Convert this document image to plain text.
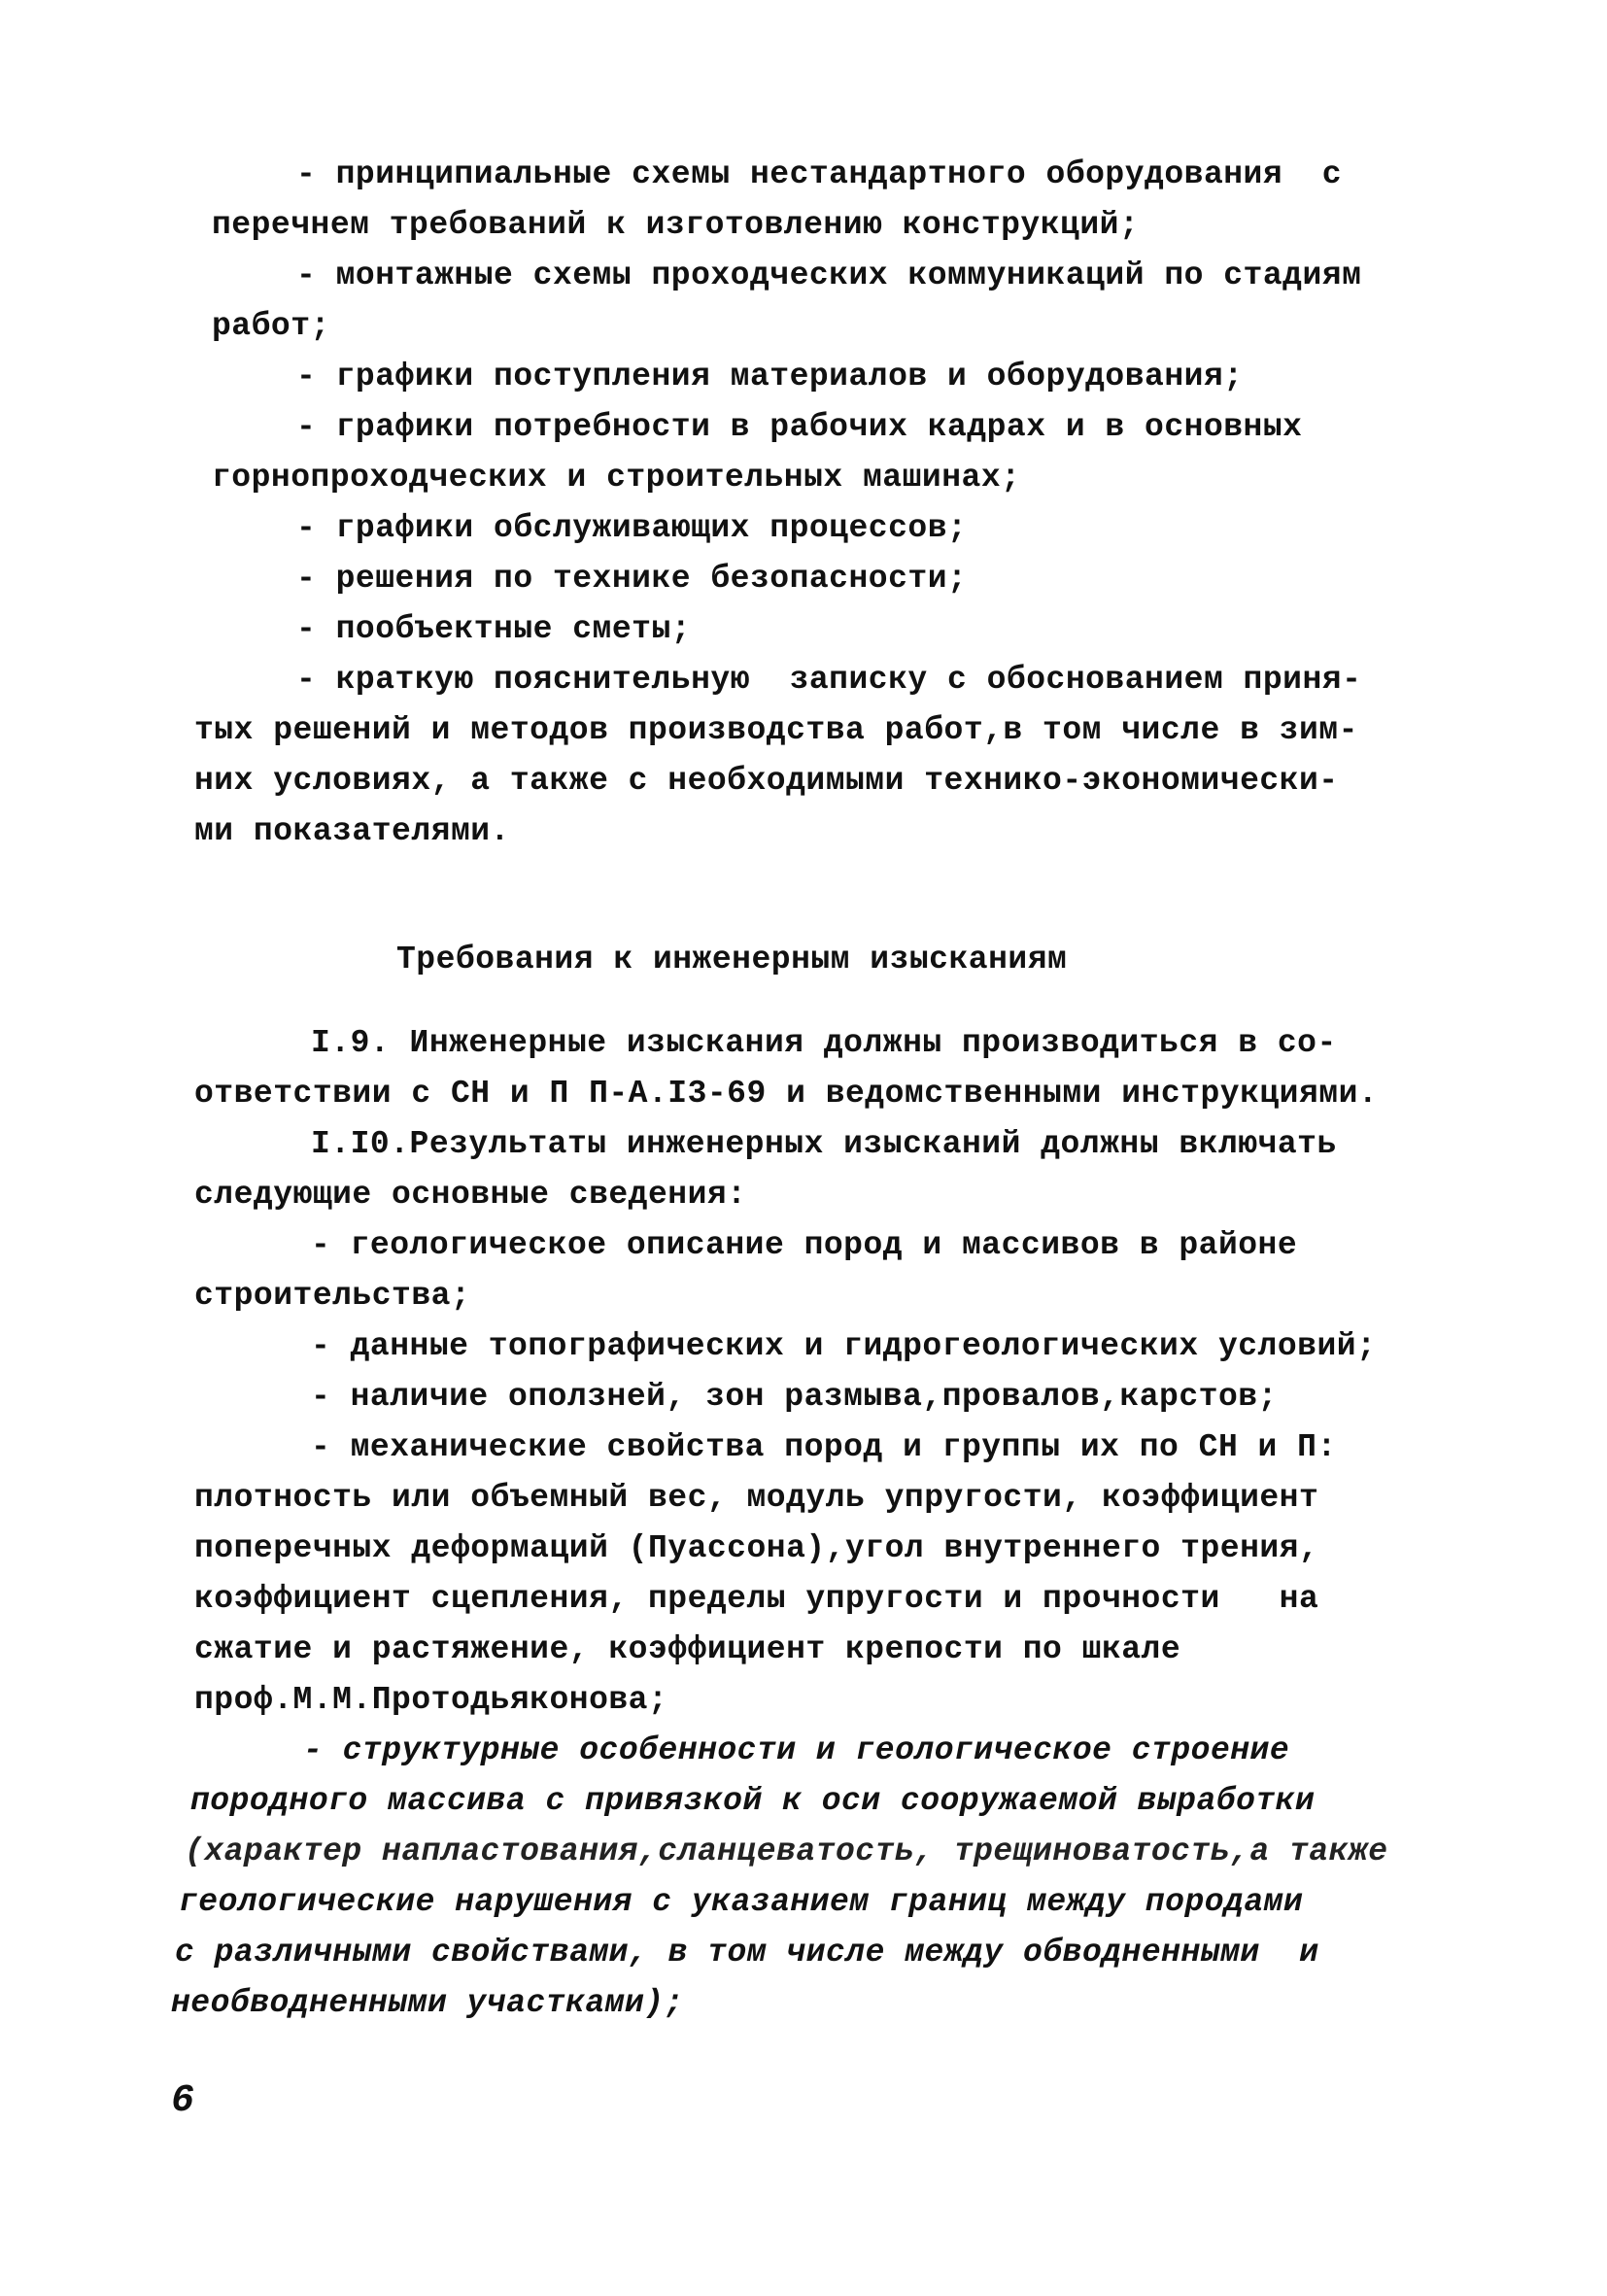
- принципиальные схемы нестандартного оборудования  с
перечнем требований к изготовлению конструкций;
- монтажные схемы проходческих коммуникаций по стадиям
работ;
- графики поступления материалов и оборудования;
- графики потребности в рабочих кадрах и в основных
горнопроходческих и строительных машинах;
- графики обслуживающих процессов;
- решения по технике безопасности;
- пообъектные сметы;
- краткую пояснительную  записку с обоснованием приня-
тых решений и методов производства работ,в том числе в зим-
них условиях, а также с необходимыми технико-экономически-
ми показателями.
Требования к инженерным изысканиям
I.9. Инженерные изыскания должны производиться в со-
ответствии с СН и П П-А.I3-69 и ведомственными инструкциями.
I.I0.Результаты инженерных изысканий должны включать
следующие основные сведения:
- геологическое описание пород и массивов в районе
строительства;
- данные топографических и гидрогеологических условий;
- наличие оползней, зон размыва,провалов,карстов;
- механические свойства пород и группы их по СН и П:
плотность или объемный вес, модуль упругости, коэффициент
поперечных деформаций (Пуассона),угол внутреннего трения,
коэффициент сцепления, пределы упругости и прочности   на
сжатие и растяжение, коэффициент крепости по шкале
проф.М.М.Протодьяконова;
- структурные особенности и геологическое строение
породного массива с привязкой к оси сооружаемой выработки
(характер напластования,сланцеватость, трещиноватость,а также
геологические нарушения с указанием границ между породами
с различными свойствами, в том числе между обводненными  и
необводненными участками);
6
